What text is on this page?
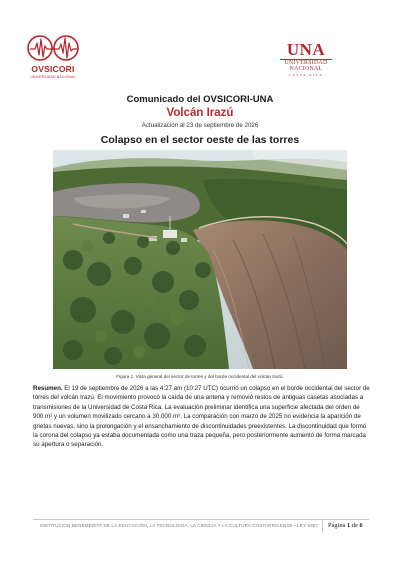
OVSICORI
UNIVERSIDAD NACIONAL
UNA
UNIVERSIDAD
NACIONAL
COSTA RICA
Comunicado del OVSICORI-UNA
Volcán Irazú
Actualización al 23 de septiembre de 2026
Colapso en el sector oeste de las torres
Figura 1. Vista general del sector de torres y del borde occidental del volcán Irazú.

Resumen. El 19 de septiembre de 2026 a las 4:27 am (10:27 UTC) ocurrió un colapso en el borde occidental del sector de torres del volcán Irazú. El movimiento provocó la caída de una antena y removió restos de antiguas casetas asociadas a transmisiones de la Universidad de Costa Rica. La evaluación preliminar identifica una superficie afectada del orden de 900 m² y un volumen movilizado cercano a 30.000 m³. La comparación con marzo de 2025 no evidencia la aparición de grietas nuevas, sino la prolongación y el ensanchamiento de discontinuidades preexistentes. La discontinuidad que formó la corona del colapso ya estaba documentada como una traza pequeña, pero posteriormente aumentó de forma marcada su apertura o separación.

INSTITUCIÓN BENEMÉRITA DE LA EDUCACIÓN, LA TECNOLOGÍA, LA CIENCIA Y LA CULTURA COSTARRICENSE • LEY 9387 Página 1 de 6
